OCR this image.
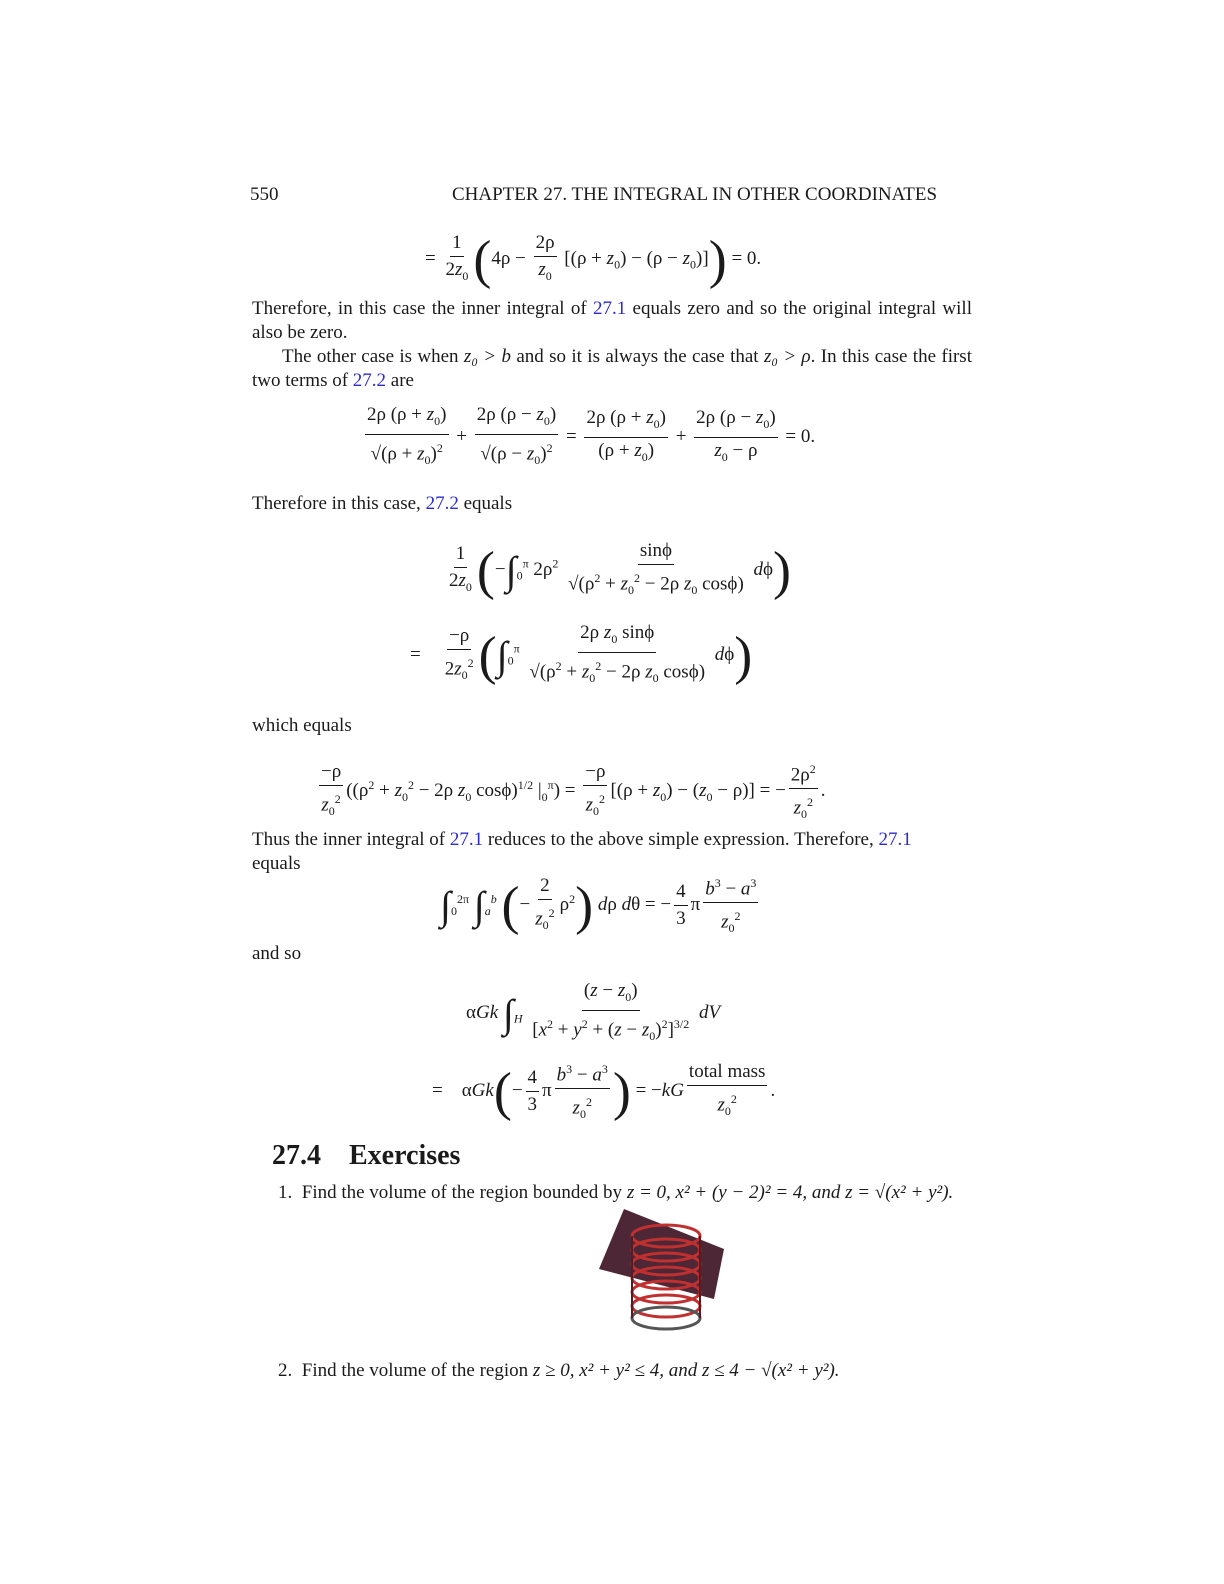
550	CHAPTER 27. THE INTEGRAL IN OTHER COORDINATES
= $\frac{1}{2z_0} (4\rho - \frac{2\rho}{z_0} [(\rho + z_0) - (\rho - z_0)]) = 0$.
Therefore, in this case the inner integral of 27.1 equals zero and so the original integral will also be zero.
The other case is when z₀ > b and so it is always the case that z₀ > ρ. In this case the first two terms of 27.2 are
$\frac{2\rho (\rho + z_0)}{√(\rho + z_0)^2} + \frac{2\rho (\rho - z_0)}{√(\rho - z_0)^2} = \frac{2\rho (\rho + z_0)}{(\rho + z_0)} + \frac{2\rho (\rho - z_0)}{z_0 - \rho} = 0$.
Therefore in this case, 27.2 equals
$\frac{1}{2z_0} (-\int_0^\pi$ $2\rho^2 \frac{\sin\phi}{√(\rho^2 + z_0^2 - 2\rho z_0 \cos\phi)} d\phi$)
= $\frac{-\rho}{2z_0^2} (\int_0^\pi \frac{2\rho z_0 \sin\phi}{√(\rho^2 + z_0^2 - 2\rho z_0 \cos\phi)} d\phi)$
which equals
$\frac{-\rho}{z_0^2} ((\rho^2 + z_0^2 - 2\rho$ $z_0$ cosϕ)$^{1/2}$ $|_0^\pi) = \frac{-\rho}{z_0^2} [(\rho + z_0) - (z_0 - \rho)]$ = − $\frac{2\rho^2}{z_0^2}$ .
Thus the inner integral of 27.1 reduces to the above simple expression. Therefore, 27.1
equals
$\int_0^{2\pi}$ $\int_a^b$ (− $\frac{2}{z_0^2} \rho^2$) dρ dθ = − $\frac{4}{3}$ π $\frac{b^3 - a^3}{z_0^2}$
and so
αGk $\int_H \frac{(z - z_0)}{[x^2 + y^2 + (z - z_0)^2]^{3/2}}$ dV
=    $\alpha Gk(- \frac{4}{3}$ π $\frac{b^3 - a^3}{z_0^2}$ ) = $-kG \frac{\text{total mass}}{z_0^2}$ .
27.4 Exercises
1. Find the volume of the region bounded by z = 0, x² + (y − 2)² = 4, and z = √(x² + y²).
2. Find the volume of the region z ≥ 0, x² + y² ≤ 4, and z ≤ 4 − √(x² + y²).
